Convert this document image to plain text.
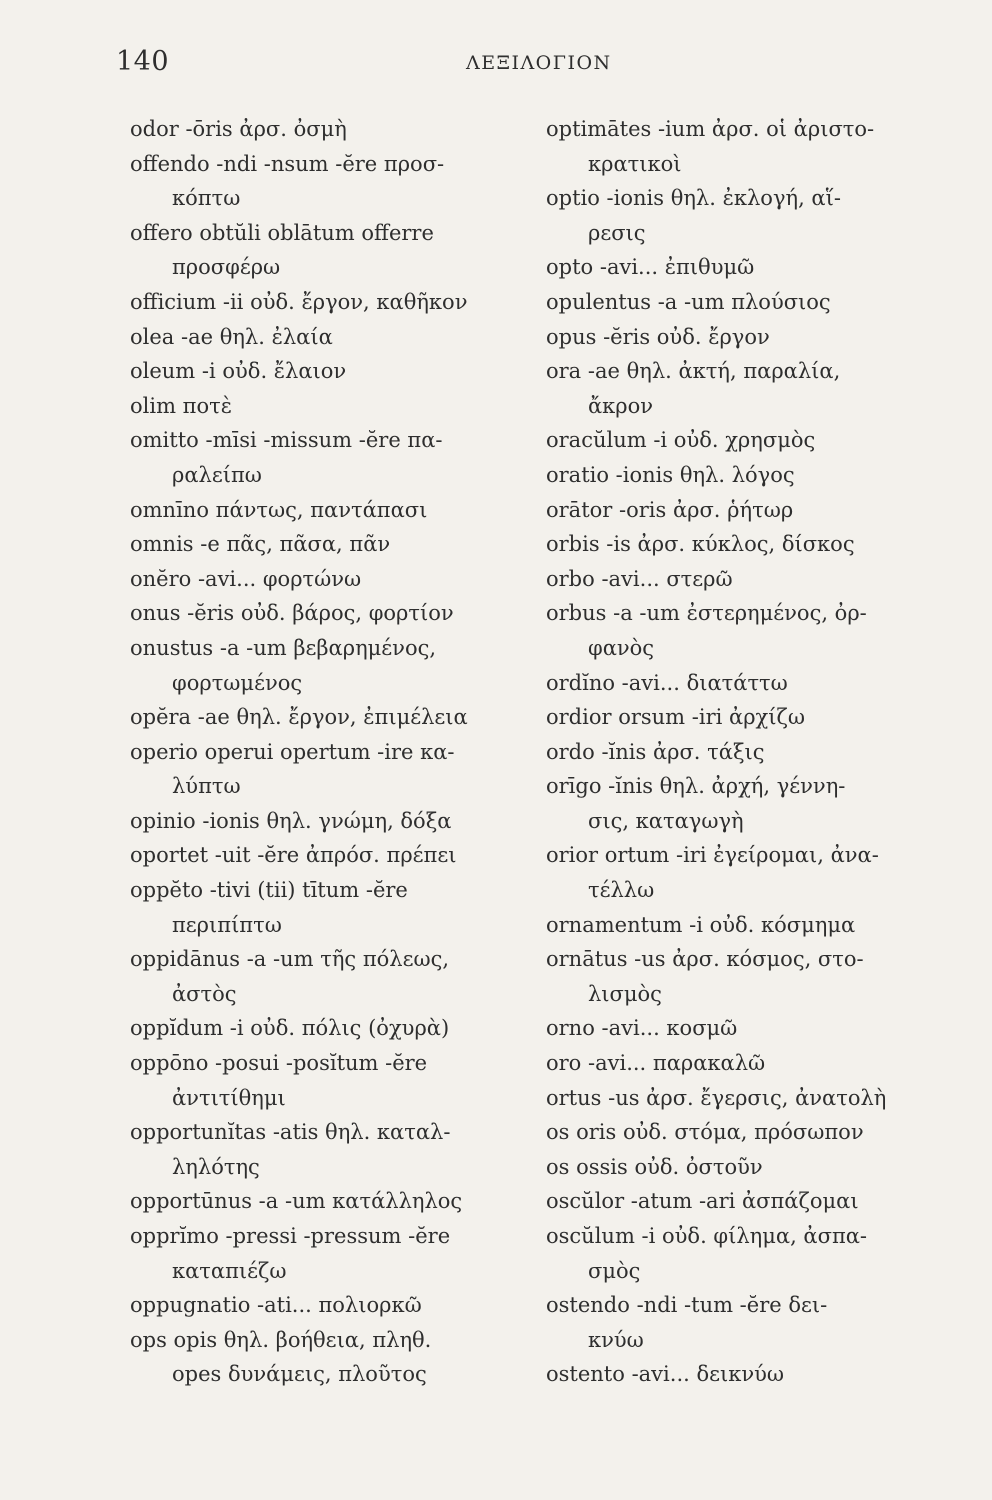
140	ΛΕΞΙΛΟΓΙΟΝ
odor -ōris ἀρσ. ὀσμὴ
offendo -ndi -nsum -ĕre προσ-
κόπτω
offero obtŭli oblātum offerre
προσφέρω
officium -ii οὐδ. ἔργον, καθῆκον
olea -ae θηλ. ἐλαία
oleum -i οὐδ. ἔλαιον
olim ποτὲ
omitto -mīsi -missum -ĕre πα-
ραλείπω
omnīno πάντως, παντάπασι
omnis -e πᾶς, πᾶσα, πᾶν
onĕro -avi... φορτώνω
onus -ĕris οὐδ. βάρος, φορτίον
onustus -a -um βεβαρημένος,
φορτωμένος
opĕra -ae θηλ. ἔργον, ἐπιμέλεια
operio operui opertum -ire κα-
λύπτω
opinio -ionis θηλ. γνώμη, δόξα
oportet -uit -ĕre ἀπρόσ. πρέπει
oppĕto -tivi (tii) tītum -ĕre
περιπίπτω
oppidānus -a -um τῆς πόλεως,
ἀστὸς
oppĭdum -i οὐδ. πόλις (ὀχυρὰ)
oppōno -posui -posĭtum -ĕre
ἀντιτίθημι
opportunĭtas -atis θηλ. καταλ-
ληλότης
opportūnus -a -um κατάλληλος
opprĭmo -pressi -pressum -ĕre
καταπιέζω
oppugnatio -ati... πολιορκῶ
ops opis θηλ. βοήθεια, πληθ.
opes δυνάμεις, πλοῦτος
optimātes -ium ἀρσ. οἱ ἀριστο-
κρατικοὶ
optio -ionis θηλ. ἐκλογή, αἵ-
ρεσις
opto -avi... ἐπιθυμῶ
opulentus -a -um πλούσιος
opus -ĕris οὐδ. ἔργον
ora -ae θηλ. ἀκτή, παραλία,
ἄκρον
oracŭlum -i οὐδ. χρησμὸς
oratio -ionis θηλ. λόγος
orātor -oris ἀρσ. ῥήτωρ
orbis -is ἀρσ. κύκλος, δίσκος
orbo -avi... στερῶ
orbus -a -um ἐστερημένος, ὀρ-
φανὸς
ordĭno -avi... διατάττω
ordior orsum -iri ἀρχίζω
ordo -ĭnis ἀρσ. τάξις
orīgo -ĭnis θηλ. ἀρχή, γέννη-
σις, καταγωγὴ
orior ortum -iri ἐγείρομαι, ἀνα-
τέλλω
ornamentum -i οὐδ. κόσμημα
ornātus -us ἀρσ. κόσμος, στο-
λισμὸς
orno -avi... κοσμῶ
oro -avi... παρακαλῶ
ortus -us ἀρσ. ἔγερσις, ἀνατολὴ
os oris οὐδ. στόμα, πρόσωπον
os ossis οὐδ. ὀστοῦν
oscŭlor -atum -ari ἀσπάζομαι
oscŭlum -i οὐδ. φίλημα, ἀσπα-
σμὸς
ostendo -ndi -tum -ĕre δει-
κνύω
ostento -avi... δεικνύω
